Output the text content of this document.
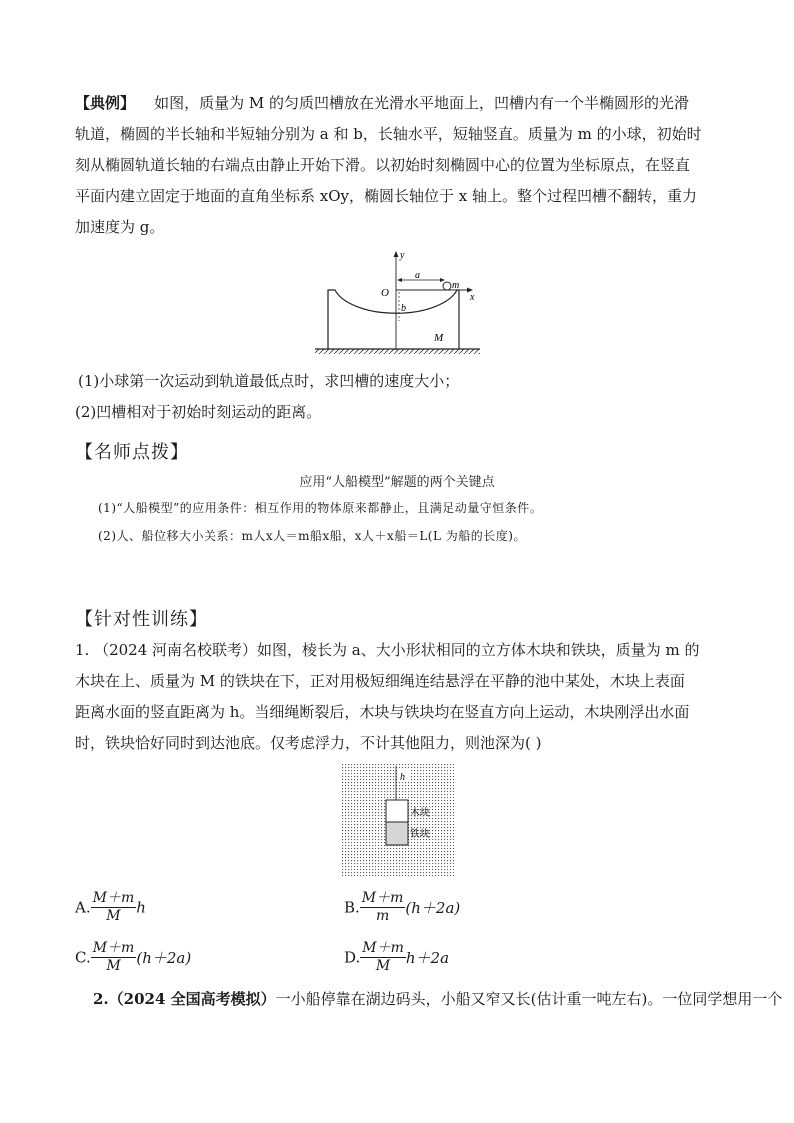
【典例】 如图，质量为 M 的匀质凹槽放在光滑水平地面上，凹槽内有一个半椭圆形的光滑
轨道，椭圆的半长轴和半短轴分别为 a 和 b，长轴水平，短轴竖直。质量为 m 的小球，初始时
刻从椭圆轨道长轴的右端点由静止开始下滑。以初始时刻椭圆中心的位置为坐标原点，在竖直
平面内建立固定于地面的直角坐标系 xOy，椭圆长轴位于 x 轴上。整个过程凹槽不翻转，重力
加速度为 g。
y
a
m
x
O
b
M
(1)小球第一次运动到轨道最低点时，求凹槽的速度大小；
(2)凹槽相对于初始时刻运动的距离。
【名师点拨】
应用“人船模型”解题的两个关键点
(1)“人船模型”的应用条件：相互作用的物体原来都静止，且满足动量守恒条件。
(2)人、船位移大小关系：m人x人＝m船x船，x人＋x船＝L(L 为船的长度)。
【针对性训练】
1. （2024 河南名校联考）如图，棱长为 a、大小形状相同的立方体木块和铁块，质量为 m 的
木块在上、质量为 M 的铁块在下，正对用极短细绳连结悬浮在平静的池中某处，木块上表面
距离水面的竖直距离为 h。当细绳断裂后，木块与铁块均在竖直方向上运动，木块刚浮出水面
时，铁块恰好同时到达池底。仅考虑浮力，不计其他阻力，则池深为( )
h
木块
铁块
A. $\frac{M+m}{M}$ h	B. $\frac{M+m}{m} (h+2a)$
C. $\frac{M+m}{M} (h+2a)$	D. $\frac{M+m}{M} h+2a$
2.（2024 全国高考模拟）一小船停靠在湖边码头，小船又窄又长(估计重一吨左右)。一位同学想用一个
